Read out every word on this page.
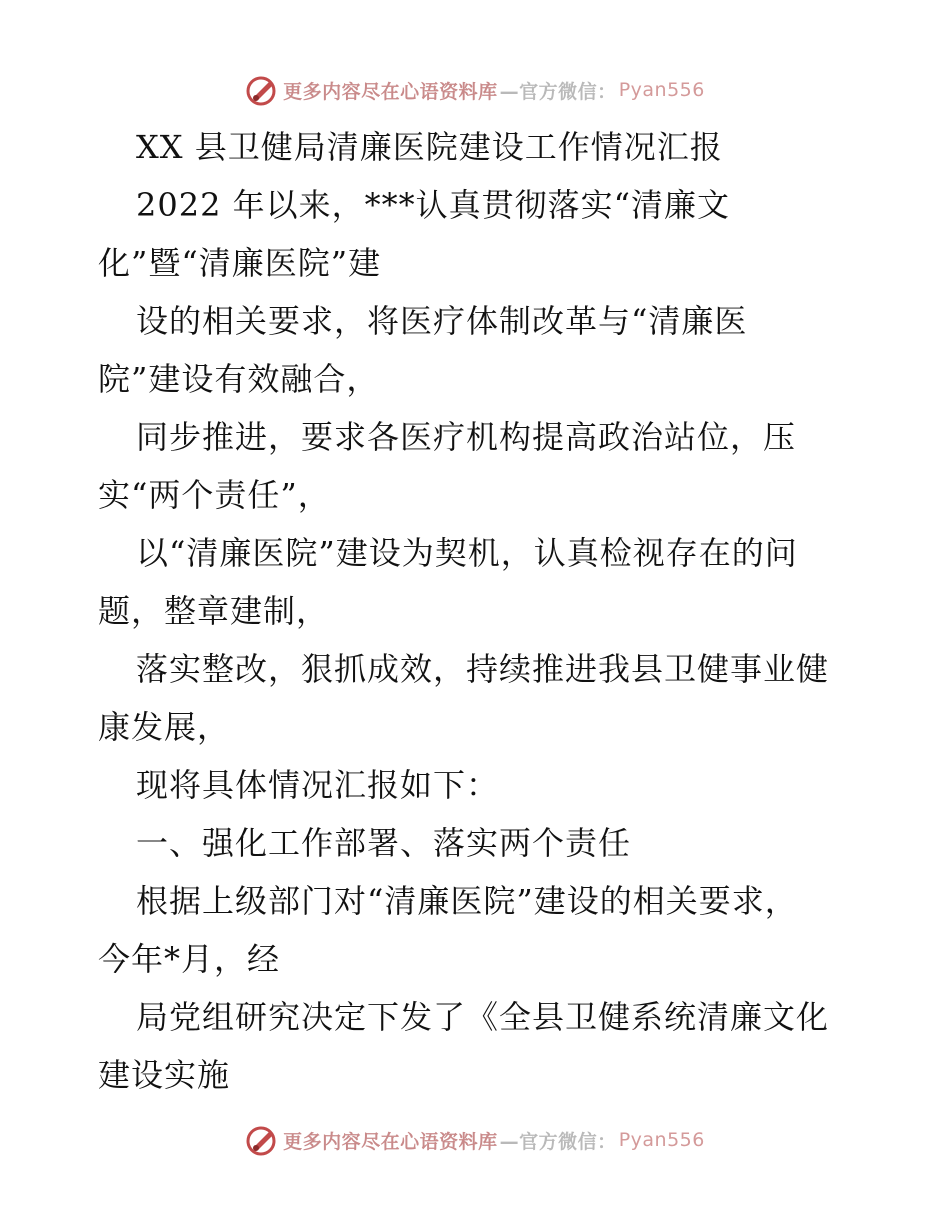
更多内容尽在心语资料库 —官方微信： Pyan556
XX 县卫健局清廉医院建设工作情况汇报
2022 年以来，***认真贯彻落实“清廉文
化”暨“清廉医院”建
设的相关要求，将医疗体制改革与“清廉医
院”建设有效融合，
同步推进，要求各医疗机构提高政治站位，压
实“两个责任”，
以“清廉医院”建设为契机，认真检视存在的问
题，整章建制，
落实整改，狠抓成效，持续推进我县卫健事业健
康发展，
现将具体情况汇报如下：
一、强化工作部署、落实两个责任
根据上级部门对“清廉医院”建设的相关要求，
今年*月，经
局党组研究决定下发了《全县卫健系统清廉文化
建设实施
更多内容尽在心语资料库 —官方微信： Pyan556
